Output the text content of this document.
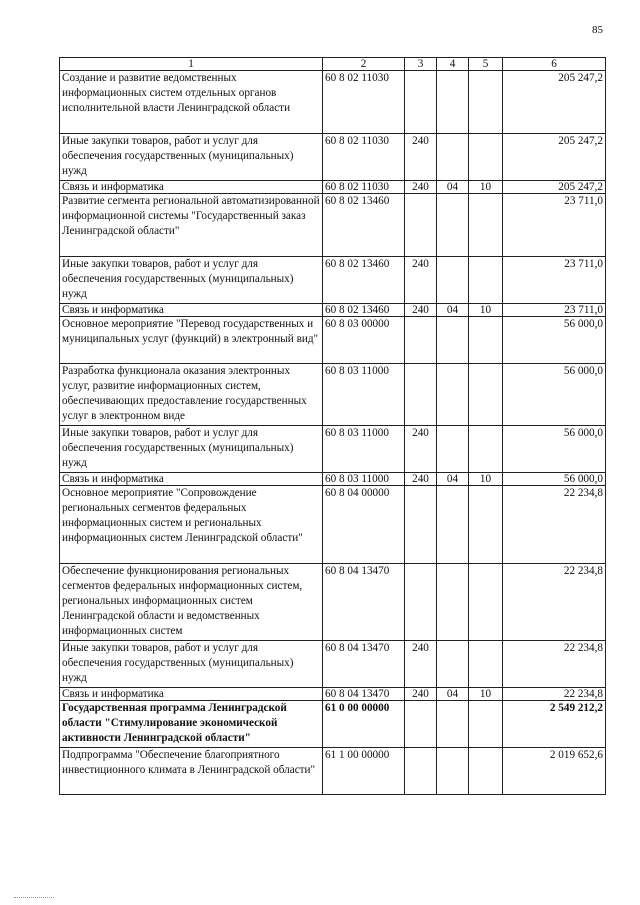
85
1	2	3	4	5	6
Создание и развитие ведомственных информационных систем отдельных органов исполнительной власти Ленинградской области	60 8 02 11030				205 247,2
Иные закупки товаров, работ и услуг для обеспечения государственных (муниципальных) нужд	60 8 02 11030	240			205 247,2
Связь и информатика	60 8 02 11030	240	04	10	205 247,2
Развитие сегмента региональной автоматизированной информационной системы "Государственный заказ Ленинградской области"	60 8 02 13460				23 711,0
Иные закупки товаров, работ и услуг для обеспечения государственных (муниципальных) нужд	60 8 02 13460	240			23 711,0
Связь и информатика	60 8 02 13460	240	04	10	23 711,0
Основное мероприятие "Перевод государственных и муниципальных услуг (функций) в электронный вид"	60 8 03 00000				56 000,0
Разработка функционала оказания электронных услуг, развитие информационных систем, обеспечивающих предоставление государственных услуг в электронном виде	60 8 03 11000				56 000,0
Иные закупки товаров, работ и услуг для обеспечения государственных (муниципальных) нужд	60 8 03 11000	240			56 000,0
Связь и информатика	60 8 03 11000	240	04	10	56 000,0
Основное мероприятие "Сопровождение региональных сегментов федеральных информационных систем и региональных информационных систем Ленинградской области"	60 8 04 00000				22 234,8
Обеспечение функционирования региональных сегментов федеральных информационных систем, региональных информационных систем Ленинградской области и ведомственных информационных систем	60 8 04 13470				22 234,8
Иные закупки товаров, работ и услуг для обеспечения государственных (муниципальных) нужд	60 8 04 13470	240			22 234,8
Связь и информатика	60 8 04 13470	240	04	10	22 234,8
Государственная программа Ленинградской области "Стимулирование экономической активности Ленинградской области"	61 0 00 00000				2 549 212,2
Подпрограмма "Обеспечение благоприятного инвестиционного климата в Ленинградской области"	61 1 00 00000				2 019 652,6
